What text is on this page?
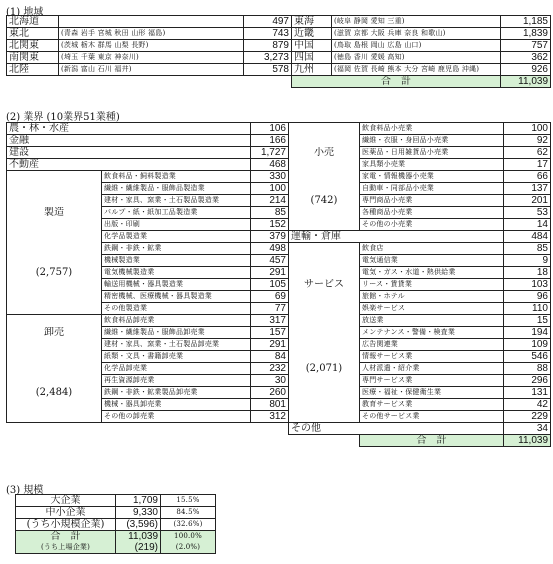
(1) 地域
北海道		497	東海	(岐阜 静岡 愛知 三重)	1,185
東北	(青森 岩手 宮城 秋田 山形 福島)	743	近畿	(滋賀 京都 大阪 兵庫 奈良 和歌山)	1,839
北関東	(茨城 栃木 群馬 山梨 長野)	879	中国	(鳥取 島根 岡山 広島 山口)	757
南関東	(埼玉 千葉 東京 神奈川)	3,273	四国	(徳島 香川 愛媛 高知)	362
北陸	(新潟 富山 石川 福井)	578	九州	(福岡 佐賀 長崎 熊本 大分 宮崎 鹿児島 沖縄)	926
			合　計		11,039
(2) 業界 (10業界51業種)
農・林・水産		106
金融		166
建設		1,727
不動産		468
	飲食料品・飼料製造業	330
	繊維・繊維製品・服飾品製造業	100
	建材・家具、窯業・土石製品製造業	214
製造	パルプ・紙・紙加工品製造業	85
	出版・印刷	152
	化学品製造業	379
	鉄鋼・非鉄・鉱業	498
	機械製造業	457
(2,757)	電気機械製造業	291
	輸送用機械・器具製造業	105
	精密機械、医療機械・器具製造業	69
	その他製造業	77
	飲食料品卸売業	317
卸売	繊維・繊維製品・服飾品卸売業	157
	建材・家具、窯業・土石製品卸売業	291
	紙類・文具・書籍卸売業	84
	化学品卸売業	232
	再生資源卸売業	30
(2,484)	鉄鋼・非鉄・鉱業製品卸売業	260
	機械・器具卸売業	801
	その他の卸売業	312
	飲食料品小売業	100
	繊維・衣服・身回品小売業	92
小売	医薬品・日用雑貨品小売業	62
	家具類小売業	17
	家電・情報機器小売業	66
	自動車・同部品小売業	137
(742)	専門商品小売業	201
	各種商品小売業	53
	その他の小売業	14
運輸・倉庫		484
	飲食店	85
	電気通信業	9
	電気・ガス・水道・熱供給業	18
サービス	リース・賃貸業	103
	旅館・ホテル	96
	娯楽サービス	110
	放送業	15
	メンテナンス・警備・検査業	194
	広告関連業	109
	情報サービス業	546
(2,071)	人材派遣・紹介業	88
	専門サービス業	296
	医療・福祉・保健衛生業	131
	教育サービス業	42
	その他サービス業	229
その他		34
	合　計	11,039
(3) 規模
大企業	1,709	15.5%
中小企業	9,330	84.5%
(うち小規模企業)	(3,596)	(32.6%)
合　計	11,039	100.0%
(うち上場企業)	(219)	(2.0%)
